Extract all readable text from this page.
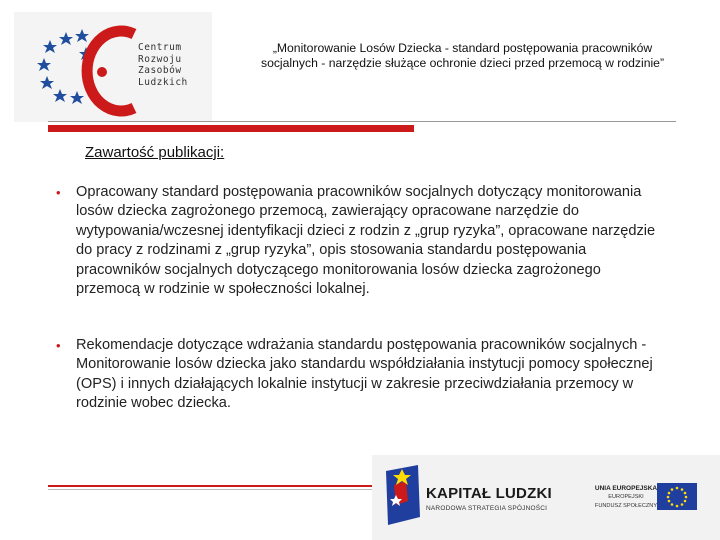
Centrum
Rozwoju
Zasobów
Ludzkich
„Monitorowanie Losów Dziecka - standard postępowania pracowników socjalnych - narzędzie służące ochronie dzieci przed przemocą w rodzinie”
Zawartość publikacji:
• Opracowany standard postępowania pracowników socjalnych dotyczący monitorowania losów dziecka zagrożonego przemocą, zawierający opracowane narzędzie do wytypowania/wczesnej identyfikacji dzieci z rodzin z „grup ryzyka”, opracowane narzędzie do pracy z rodzinami z „grup ryzyka”, opis stosowania standardu postępowania pracowników socjalnych dotyczącego monitorowania losów dziecka zagrożonego przemocą w rodzinie w społeczności lokalnej.
• Rekomendacje dotyczące wdrażania standardu postępowania pracowników socjalnych - Monitorowanie losów dziecka jako standardu współdziałania instytucji pomocy społecznej (OPS) i innych działających lokalnie instytucji w zakresie przeciwdziałania przemocy w rodzinie wobec dziecka.
KAPITAŁ LUDZKI
NARODOWA STRATEGIA SPÓJNOŚCI
UNIA EUROPEJSKA
EUROPEJSKI
FUNDUSZ SPOŁECZNY
